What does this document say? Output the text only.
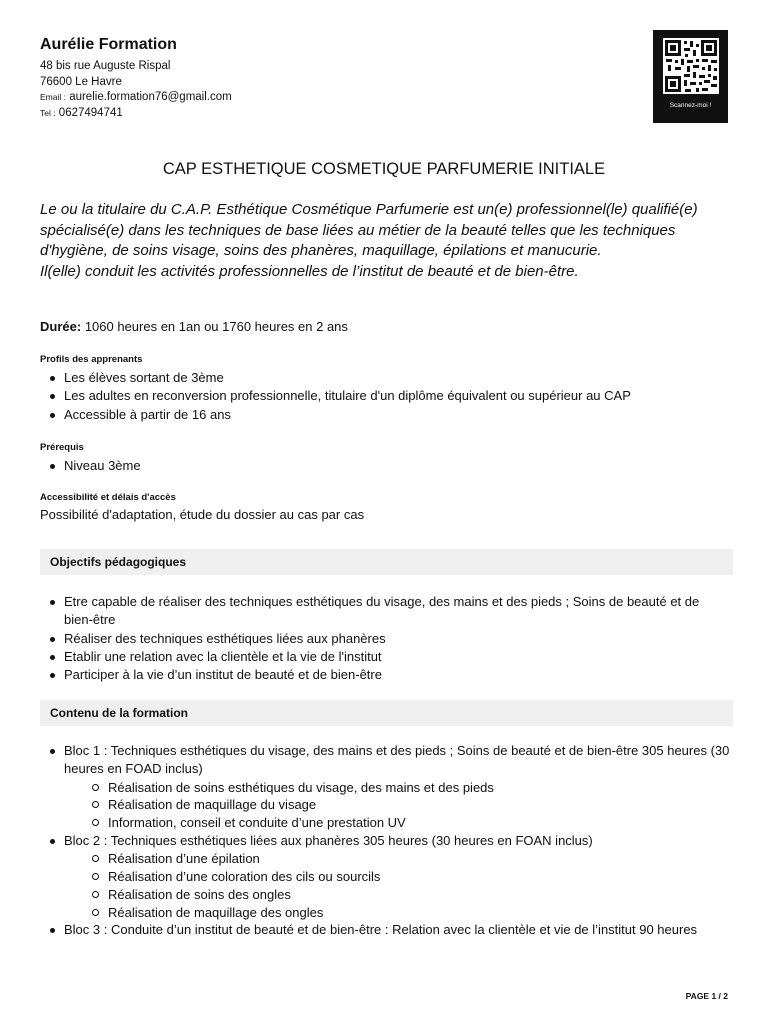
Aurélie Formation
48 bis rue Auguste Rispal
76600 Le Havre
Email : aurelie.formation76@gmail.com
Tel : 0627494741
Scannez-moi !
CAP ESTHETIQUE COSMETIQUE PARFUMERIE INITIALE

Le ou la titulaire du C.A.P. Esthétique Cosmétique Parfumerie est un(e) professionnel(le) qualifié(e)

spécialisé(e) dans les techniques de base liées au métier de la beauté telles que les techniques d'hygiène, de soins visage, soins des phanères, maquillage, épilations et manucurie.

Il(elle) conduit les activités professionnelles de l’institut de beauté et de bien-être.

Durée: 1060 heures en 1an ou 1760 heures en 2 ans

Profils des apprenants
Les élèves sortant de 3ème
Les adultes en reconversion professionnelle, titulaire d'un diplôme équivalent ou supérieur au CAP
Accessible à partir de 16 ans
Prérequis
Niveau 3ème
Accessibilité et délais d'accès

Possibilité d'adaptation, étude du dossier au cas par cas

Objectifs pédagogiques
Etre capable de réaliser des techniques esthétiques du visage, des mains et des pieds ; Soins de beauté et de bien-être
Réaliser des techniques esthétiques liées aux phanères
Etablir une relation avec la clientèle et la vie de l'institut
Participer à la vie d’un institut de beauté et de bien-être
Contenu de la formation
Bloc 1 : Techniques esthétiques du visage, des mains et des pieds ; Soins de beauté et de bien-être 305 heures (30 heures en FOAD inclus)
Réalisation de soins esthétiques du visage, des mains et des pieds
Réalisation de maquillage du visage
Information, conseil et conduite d’une prestation UV
Bloc 2 : Techniques esthétiques liées aux phanères 305 heures (30 heures en FOAN inclus)
Réalisation d’une épilation
Réalisation d’une coloration des cils ou sourcils
Réalisation de soins des ongles
Réalisation de maquillage des ongles
Bloc 3 : Conduite d’un institut de beauté et de bien-être : Relation avec la clientèle et vie de l’institut 90 heures
PAGE 1 / 2
